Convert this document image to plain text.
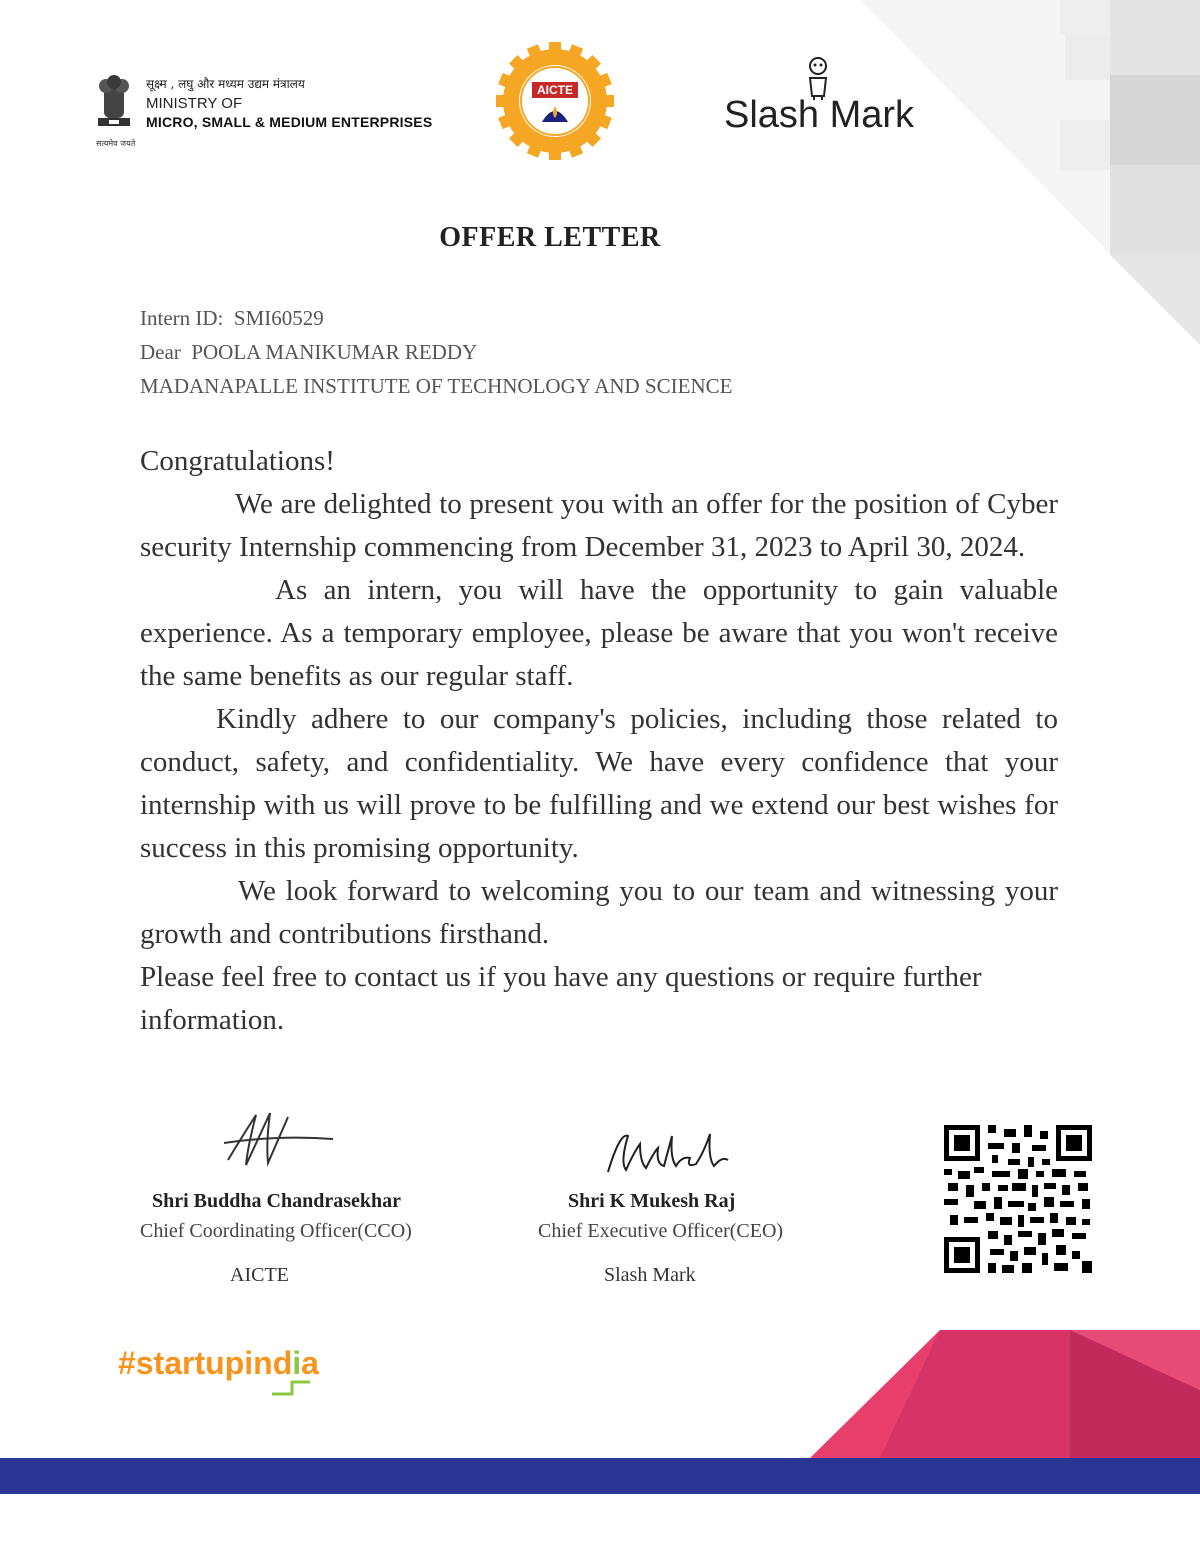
सत्यमेव जयते
सूक्ष्म , लघु और मध्यम उद्यम मंत्रालय
MINISTRY OF
MICRO, SMALL & MEDIUM ENTERPRISES
AICTE
Slash Mark
OFFER LETTER
Intern ID: SMI60529
Dear POOLA MANIKUMAR REDDY
MADANAPALLE INSTITUTE OF TECHNOLOGY AND SCIENCE

Congratulations!

We are delighted to present you with an offer for the position of Cyber security Internship commencing from December 31, 2023 to April 30, 2024.

As an intern, you will have the opportunity to gain valuable experience. As a temporary employee, please be aware that you won't receive the same benefits as our regular staff.

Kindly adhere to our company's policies, including those related to conduct, safety, and confidentiality. We have every confidence that your internship with us will prove to be fulfilling and we extend our best wishes for success in this promising opportunity.

We look forward to welcoming you to our team and witnessing your growth and contributions firsthand.

Please feel free to contact us if you have any questions or require further information.

Shri Buddha Chandrasekhar
Chief Coordinating Officer(CCO)
AICTE
Shri K Mukesh Raj
Chief Executive Officer(CEO)
Slash Mark
#startupindia
